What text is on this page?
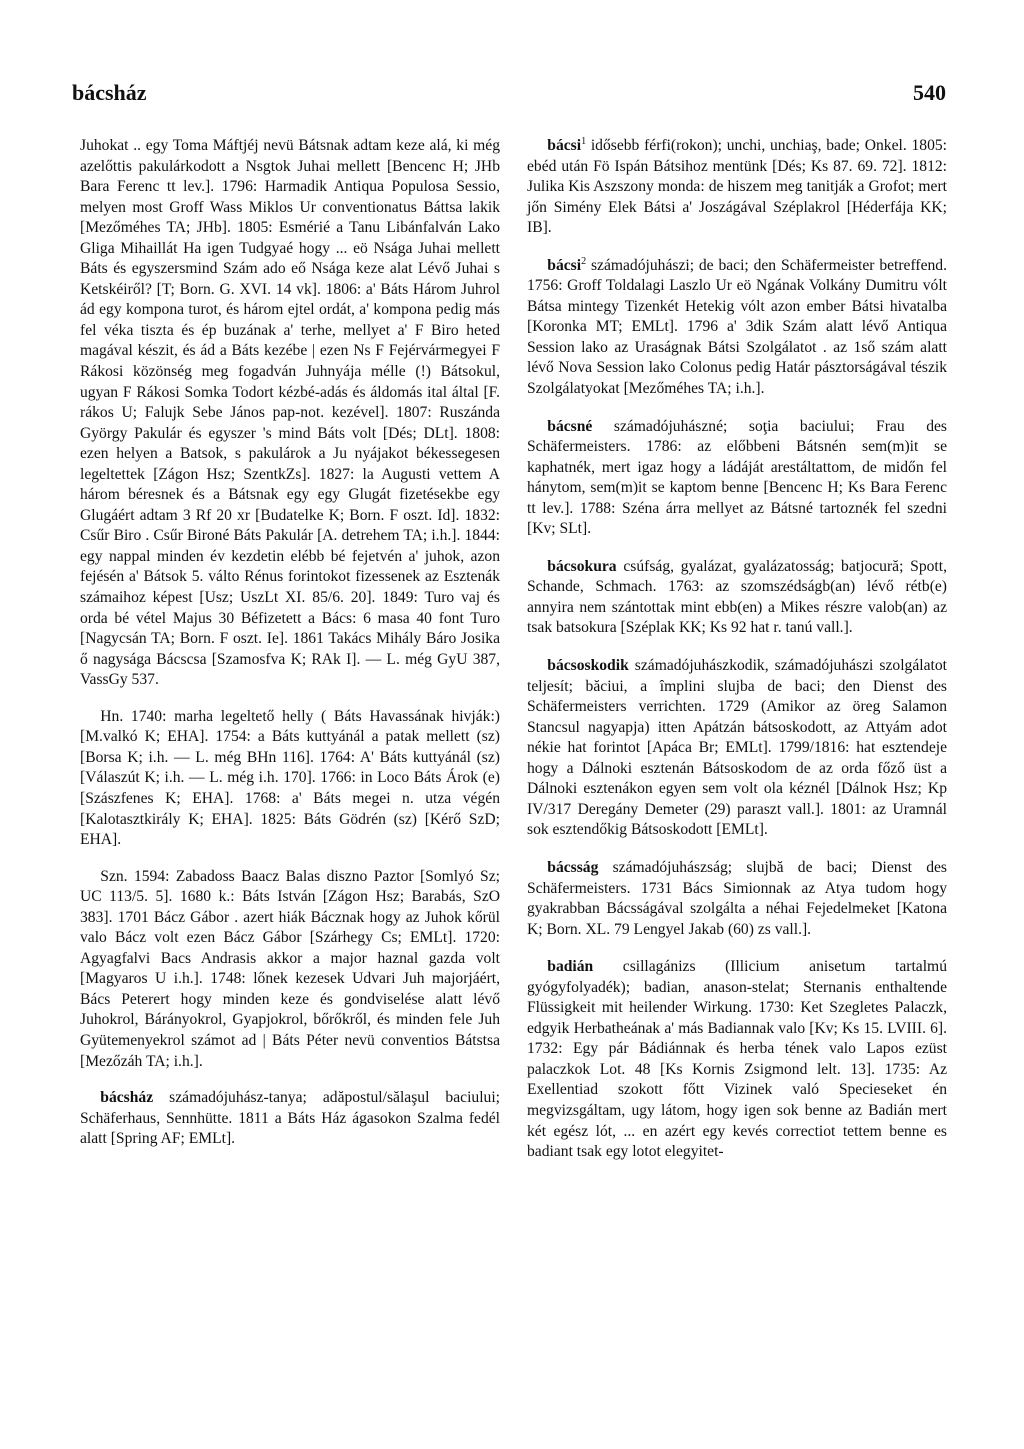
bácsház	540

Juhokat .. egy Toma Máftjéj nevü Bátsnak adtam keze alá, ki még azelőttis pakulárkodott a Nsgtok Juhai mellett [Bencenc H; JHb Bara Ferenc tt lev.]. 1796: Harmadik Antiqua Populosa Sessio, melyen most Groff Wass Miklos Ur conventionatus Báttsa lakik [Mezőméhes TA; JHb]. 1805: Esmérié a Tanu Libánfalván Lako Gliga Mihaillát Ha igen Tudgyaé hogy ... eö Nsága Juhai mellett Báts és egyszersmind Szám ado eő Nsága keze alat Lévő Juhai s Ketskéiről? [T; Born. G. XVI. 14 vk]. 1806: a' Báts Három Juhrol ád egy kompona turot, és három ejtel ordát, a' kompona pedig más fel véka tiszta és ép buzának a' terhe, mellyet a' F Biro heted magával készit, és ád a Báts kezébe | ezen Ns F Fejérvármegyei F Rákosi közönség meg fogadván Juhnyája mélle (!) Bátsokul, ugyan F Rákosi Somka Todort kézbé-adás és áldomás ital által [F. rákos U; Falujk Sebe János pap-not. kezével]. 1807: Ruszánda György Pakulár és egyszer 's mind Báts volt [Dés; DLt]. 1808: ezen helyen a Batsok, s pakulárok a Ju nyájakot békessegesen legeltettek [Zágon Hsz; SzentkZs]. 1827: la Augusti vettem A három béresnek és a Bátsnak egy egy Glugát fizetésekbe egy Glugáért adtam 3 Rf 20 xr [Budatelke K; Born. F oszt. Id]. 1832: Csűr Biro . Csűr Bironé Báts Pakulár [A. detrehem TA; i.h.]. 1844: egy nappal minden év kezdetin elébb bé fejetvén a' juhok, azon fejésén a' Bátsok 5. válto Rénus forintokot fizessenek az Esztenák számaihoz képest [Usz; UszLt XI. 85/6. 20]. 1849: Turo vaj és orda bé vétel Majus 30 Béfizetett a Bács: 6 masa 40 font Turo [Nagycsán TA; Born. F oszt. Ie]. 1861 Takács Mihály Báro Josika ő nagysága Bácscsa [Szamosfva K; RAk I]. — L. még GyU 387, VassGy 537.

Hn. 1740: marha legeltető helly ( Báts Havassának hivják:) [M.valkó K; EHA]. 1754: a Báts kuttyánál a patak mellett (sz) [Borsa K; i.h. — L. még BHn 116]. 1764: A' Báts kuttyánál (sz) [Válaszút K; i.h. — L. még i.h. 170]. 1766: in Loco Báts Árok (e) [Szászfenes K; EHA]. 1768: a' Báts megei n. utza végén [Kalotasztkirály K; EHA]. 1825: Báts Gödrén (sz) [Kérő SzD; EHA].

Szn. 1594: Zabadoss Baacz Balas diszno Paztor [Somlyó Sz; UC 113/5. 5]. 1680 k.: Báts István [Zágon Hsz; Barabás, SzO 383]. 1701 Bácz Gábor . azert hiák Bácznak hogy az Juhok kőrül valo Bácz volt ezen Bácz Gábor [Szárhegy Cs; EMLt]. 1720: Agyagfalvi Bacs Andrasis akkor a major haznal gazda volt [Magyaros U i.h.]. 1748: lőnek kezesek Udvari Juh majorjáért, Bács Peterert hogy minden keze és gondviselése alatt lévő Juhokrol, Bárányokrol, Gyapjokrol, bőrőkről, és minden fele Juh Gyütemenyekrol számot ad | Báts Péter nevü conventios Bátstsa [Mezőzáh TA; i.h.].

bácsház számadójuhász-tanya; adăpostul/sălaşul baciului; Schäferhaus, Sennhütte. 1811 a Báts Ház ágasokon Szalma fedél alatt [Spring AF; EMLt].

bácsi$^1$ idősebb férfi(rokon); unchi, unchiaş, bade; Onkel. 1805: ebéd után Fö Ispán Bátsihoz mentünk [Dés; Ks 87. 69. 72]. 1812: Julika Kis Aszszony monda: de hiszem meg tanitják a Grofot; mert jőn Simény Elek Bátsi a' Joszágával Széplakrol [Héderfája KK; IB].

bácsi$^2$ számadójuhászi; de baci; den Schäfermeister betreffend. 1756: Groff Toldalagi Laszlo Ur eö Ngának Volkány Dumitru vólt Bátsa mintegy Tizenkét Hetekig vólt azon ember Bátsi hivatalba [Koronka MT; EMLt]. 1796 a' 3dik Szám alatt lévő Antiqua Session lako az Uraságnak Bátsi Szolgálatot . az 1ső szám alatt lévő Nova Session lako Colonus pedig Határ pásztorságával tészik Szolgálatyokat [Mezőméhes TA; i.h.].

bácsné számadójuhászné; soţia baciului; Frau des Schäfermeisters. 1786: az előbbeni Bátsnén sem(m)it se kaphatnék, mert igaz hogy a ládáját arestáltattom, de midőn fel hánytom, sem(m)it se kaptom benne [Bencenc H; Ks Bara Ferenc tt lev.]. 1788: Széna árra mellyet az Bátsné tartoznék fel szedni [Kv; SLt].

bácsokura csúfság, gyalázat, gyalázatosság; batjocură; Spott, Schande, Schmach. 1763: az szomszédságb(an) lévő rétb(e) annyira nem szántottak mint ebb(en) a Mikes részre valob(an) az tsak batsokura [Széplak KK; Ks 92 hat r. tanú vall.].

bácsoskodik számadójuhászkodik, számadójuhászi szolgálatot teljesít; băciui, a împlini slujba de baci; den Dienst des Schäfermeisters verrichten. 1729 (Amikor az öreg Salamon Stancsul nagyapja) itten Apátzán bátsoskodott, az Attyám adot nékie hat forintot [Apáca Br; EMLt]. 1799/1816: hat esztendeje hogy a Dálnoki esztenán Bátsoskodom de az orda főző üst a Dálnoki esztenákon egyen sem volt ola kéznél [Dálnok Hsz; Kp IV/317 Deregány Demeter (29) paraszt vall.]. 1801: az Uramnál sok esztendőkig Bátsoskodott [EMLt].

bácsság számadójuhászság; slujbă de baci; Dienst des Schäfermeisters. 1731 Bács Simionnak az Atya tudom hogy gyakrabban Bácsságával szolgálta a néhai Fejedelmeket [Katona K; Born. XL. 79 Lengyel Jakab (60) zs vall.].

badián csillagánizs (Illicium anisetum tartalmú gyógyfolyadék); badian, anason-stelat; Sternanis enthaltende Flüssigkeit mit heilender Wirkung. 1730: Ket Szegletes Palaczk, edgyik Herbatheának a' más Badiannak valo [Kv; Ks 15. LVIII. 6]. 1732: Egy pár Bádiánnak és herba tének valo Lapos ezüst palaczkok Lot. 48 [Ks Kornis Zsigmond lelt. 13]. 1735: Az Exellentiad szokott főtt Vizinek való Specieseket én megvizsgáltam, ugy látom, hogy igen sok benne az Badián mert két egész lót, ... en azért egy kevés correctiot tettem benne es badiant tsak egy lotot elegyitet-
